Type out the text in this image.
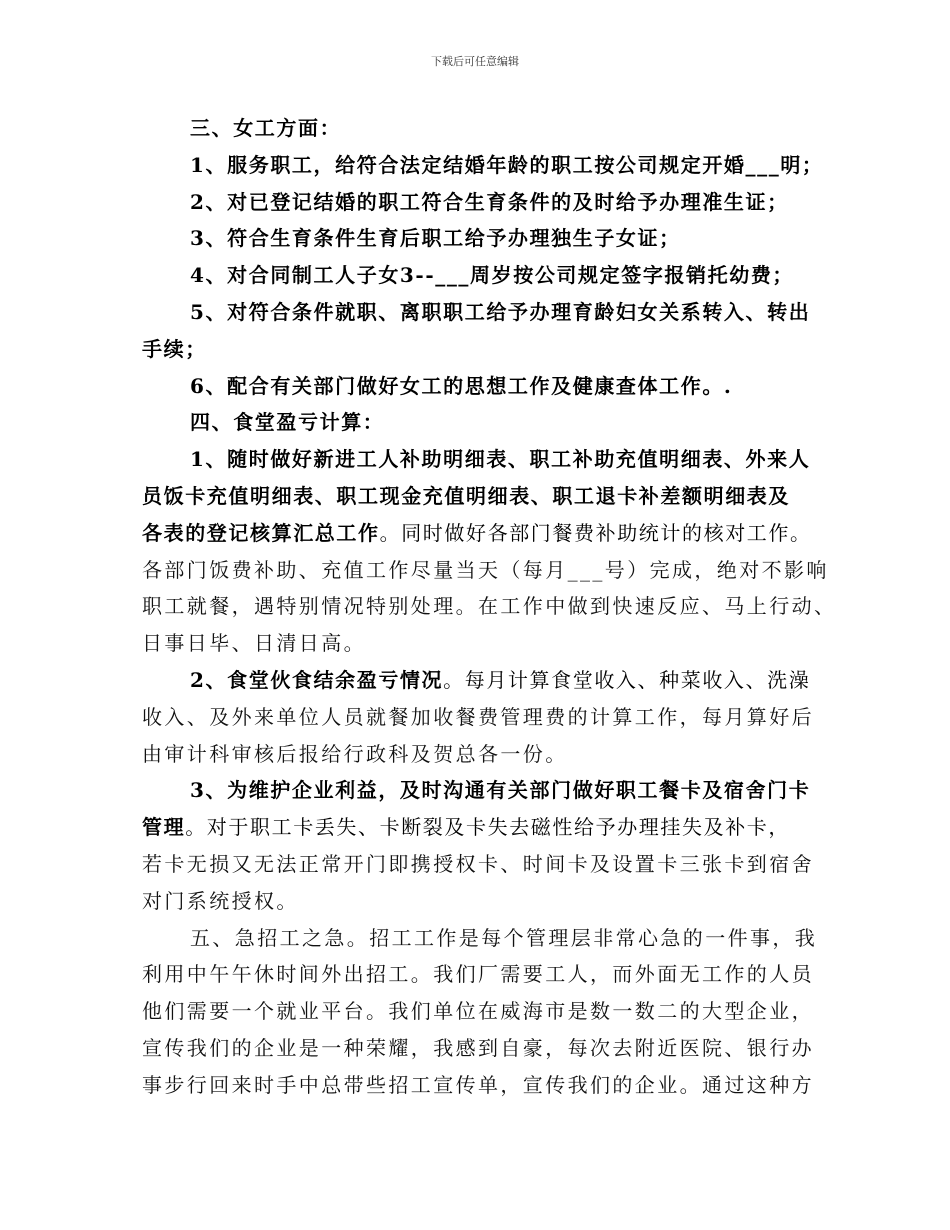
下载后可任意编辑
三、女工方面：
1、服务职工，给符合法定结婚年龄的职工按公司规定开婚___明；
2、对已登记结婚的职工符合生育条件的及时给予办理准生证；
3、符合生育条件生育后职工给予办理独生子女证；
4、对合同制工人子女3--___周岁按公司规定签字报销托幼费；
5、对符合条件就职、离职职工给予办理育龄妇女关系转入、转出
手续；
6、配合有关部门做好女工的思想工作及健康查体工作。.
四、食堂盈亏计算：
1、随时做好新进工人补助明细表、职工补助充值明细表、外来人
员饭卡充值明细表、职工现金充值明细表、职工退卡补差额明细表及
各表的登记核算汇总工作。同时做好各部门餐费补助统计的核对工作。
各部门饭费补助、充值工作尽量当天（每月___号）完成，绝对不影响
职工就餐，遇特别情况特别处理。在工作中做到快速反应、马上行动、
日事日毕、日清日高。
2、食堂伙食结余盈亏情况。每月计算食堂收入、种菜收入、洗澡
收入、及外来单位人员就餐加收餐费管理费的计算工作，每月算好后
由审计科审核后报给行政科及贺总各一份。
3、为维护企业利益，及时沟通有关部门做好职工餐卡及宿舍门卡
管理。对于职工卡丢失、卡断裂及卡失去磁性给予办理挂失及补卡，
若卡无损又无法正常开门即携授权卡、时间卡及设置卡三张卡到宿舍
对门系统授权。
五、急招工之急。招工工作是每个管理层非常心急的一件事，我
利用中午午休时间外出招工。我们厂需要工人，而外面无工作的人员
他们需要一个就业平台。我们单位在威海市是数一数二的大型企业，
宣传我们的企业是一种荣耀，我感到自豪，每次去附近医院、银行办
事步行回来时手中总带些招工宣传单，宣传我们的企业。通过这种方
